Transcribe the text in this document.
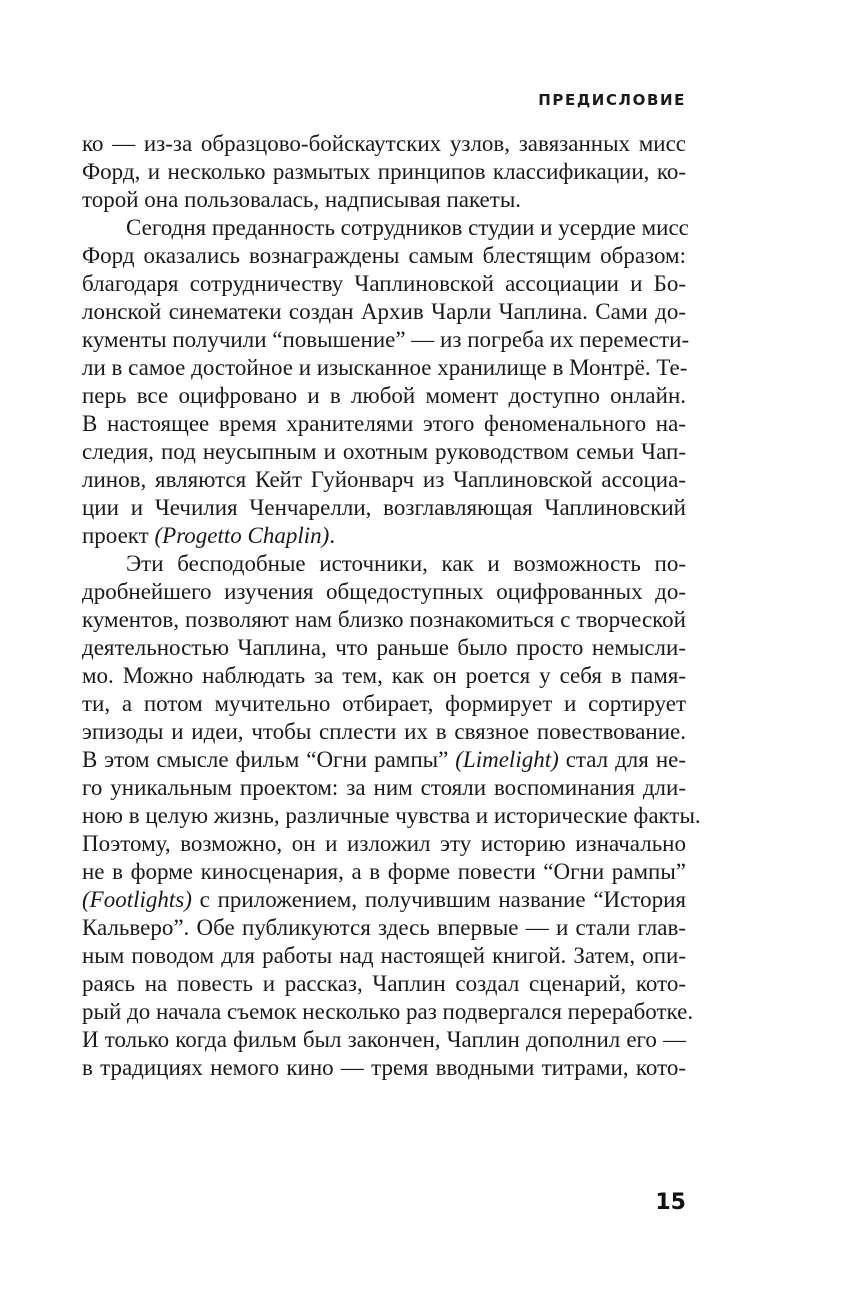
ПРЕДИСЛОВИЕ
ко — из-за образцово-бойскаутских узлов, завязанных мисс
Форд, и несколько размытых принципов классификации, ко-
торой она пользовалась, надписывая пакеты.
Сегодня преданность сотрудников студии и усердие мисс
Форд оказались вознаграждены самым блестящим образом:
благодаря сотрудничеству Чаплиновской ассоциации и Бо-
лонской синематеки создан Архив Чарли Чаплина. Сами до-
кументы получили “повышение” — из погреба их перемести-
ли в самое достойное и изысканное хранилище в Монтрё. Те-
перь все оцифровано и в любой момент доступно онлайн.
В настоящее время хранителями этого феноменального на-
следия, под неусыпным и охотным руководством семьи Чап-
линов, являются Кейт Гуйонварч из Чаплиновской ассоциа-
ции и Чечилия Ченчарелли, возглавляющая Чаплиновский
проект (Progetto Chaplin).
Эти бесподобные источники, как и возможность по-
дробнейшего изучения общедоступных оцифрованных до-
кументов, позволяют нам близко познакомиться с творческой
деятельностью Чаплина, что раньше было просто немысли-
мо. Можно наблюдать за тем, как он роется у себя в памя-
ти, а потом мучительно отбирает, формирует и сортирует
эпизоды и идеи, чтобы сплести их в связное повествование.
В этом смысле фильм “Огни рампы” (Limelight) стал для не-
го уникальным проектом: за ним стояли воспоминания дли-
ною в целую жизнь, различные чувства и исторические факты.
Поэтому, возможно, он и изложил эту историю изначально
не в форме киносценария, а в форме повести “Огни рампы”
(Footlights) с приложением, получившим название “История
Кальверо”. Обе публикуются здесь впервые — и стали глав-
ным поводом для работы над настоящей книгой. Затем, опи-
раясь на повесть и рассказ, Чаплин создал сценарий, кото-
рый до начала съемок несколько раз подвергался переработке.
И только когда фильм был закончен, Чаплин дополнил его —
в традициях немого кино — тремя вводными титрами, кото-
15
